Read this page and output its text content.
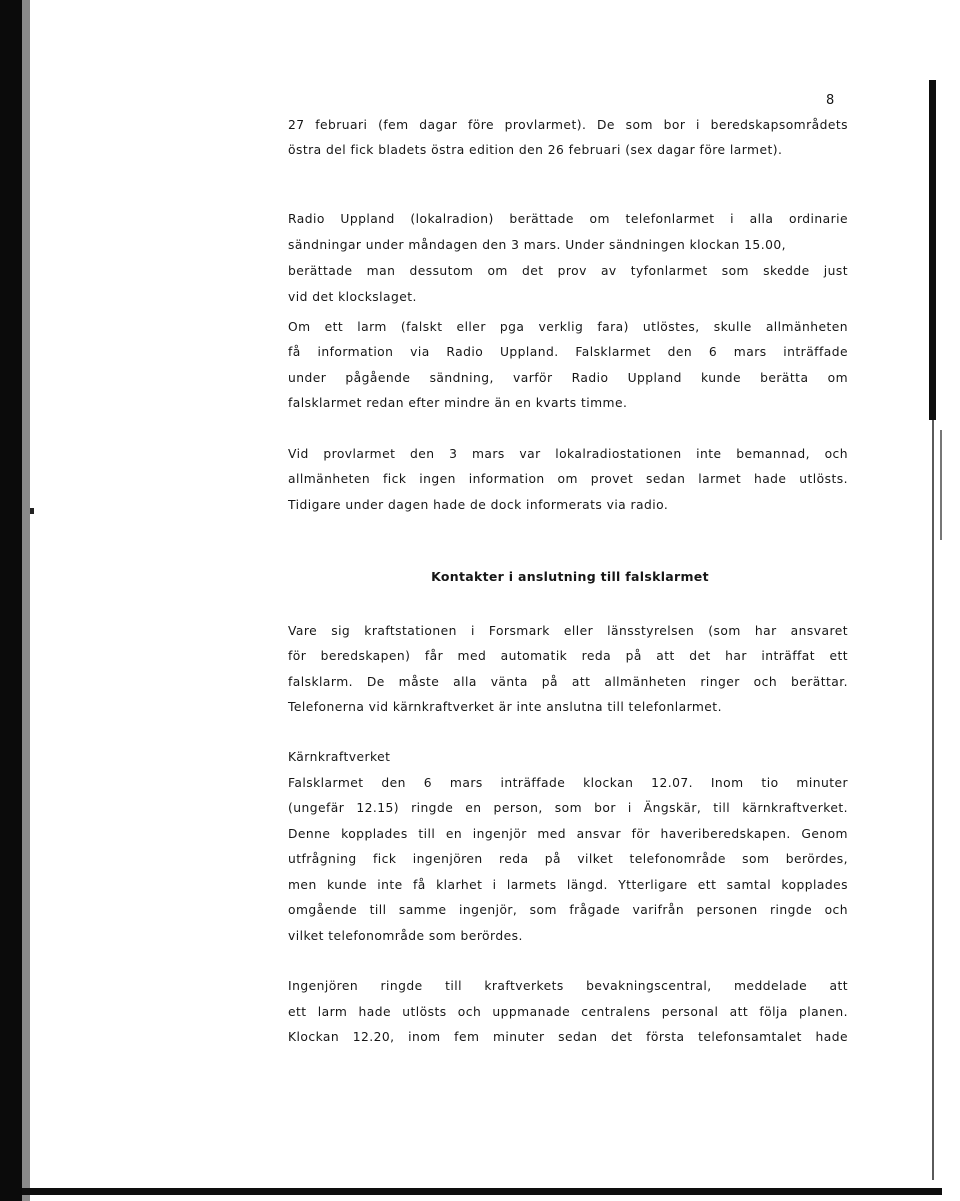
8
27 februari (fem dagar före provlarmet). De som bor i beredskapsområdets
östra del fick bladets östra edition den 26 februari (sex dagar före larmet).
Radio Uppland (lokalradion) berättade om telefonlarmet i alla ordinarie
sändningar under måndagen den 3 mars. Under sändningen klockan 15.00,
berättade man dessutom om det prov av tyfonlarmet som skedde just
vid det klockslaget.
Om ett larm (falskt eller pga verklig fara) utlöstes, skulle allmänheten
få information via Radio Uppland. Falsklarmet den 6 mars inträffade
under pågående sändning, varför Radio Uppland kunde berätta om
falsklarmet redan efter mindre än en kvarts timme.
Vid provlarmet den 3 mars var lokalradiostationen inte bemannad, och
allmänheten fick ingen information om provet sedan larmet hade utlösts.
Tidigare under dagen hade de dock informerats via radio.
Kontakter i anslutning till falsklarmet
Vare sig kraftstationen i Forsmark eller länsstyrelsen (som har ansvaret
för beredskapen) får med automatik reda på att det har inträffat ett
falsklarm. De måste alla vänta på att allmänheten ringer och berättar.
Telefonerna vid kärnkraftverket är inte anslutna till telefonlarmet.
Kärnkraftverket
Falsklarmet den 6 mars inträffade klockan 12.07. Inom tio minuter
(ungefär 12.15) ringde en person, som bor i Ängskär, till kärnkraftverket.
Denne kopplades till en ingenjör med ansvar för haveriberedskapen. Genom
utfrågning fick ingenjören reda på vilket telefonområde som berördes,
men kunde inte få klarhet i larmets längd. Ytterligare ett samtal kopplades
omgående till samme ingenjör, som frågade varifrån personen ringde och
vilket telefonområde som berördes.
Ingenjören ringde till kraftverkets bevakningscentral, meddelade att
ett larm hade utlösts och uppmanade centralens personal att följa planen.
Klockan 12.20, inom fem minuter sedan det första telefonsamtalet hade
